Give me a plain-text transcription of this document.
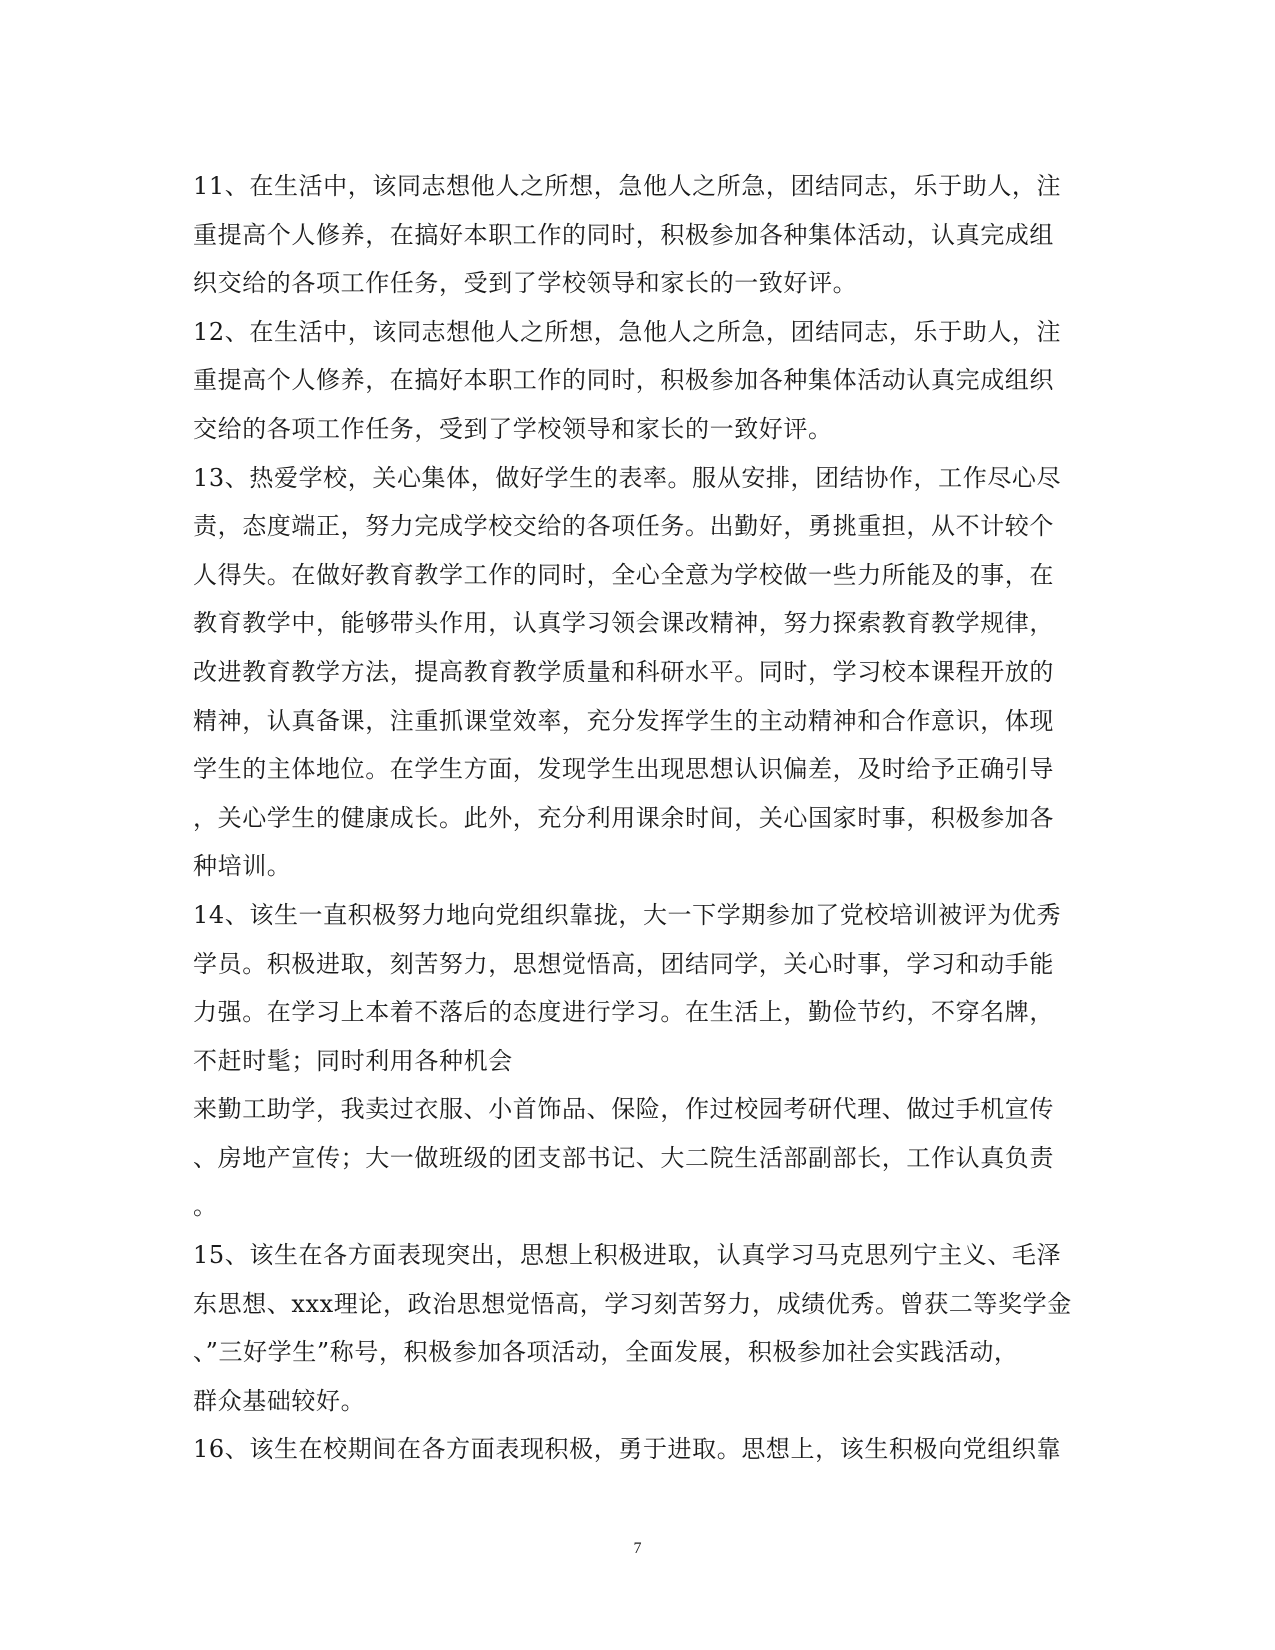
11、在生活中，该同志想他人之所想，急他人之所急，团结同志，乐于助人，注
重提高个人修养，在搞好本职工作的同时，积极参加各种集体活动，认真完成组
织交给的各项工作任务，受到了学校领导和家长的一致好评。
12、在生活中，该同志想他人之所想，急他人之所急，团结同志，乐于助人，注
重提高个人修养，在搞好本职工作的同时，积极参加各种集体活动认真完成组织
交给的各项工作任务，受到了学校领导和家长的一致好评。
13、热爱学校，关心集体，做好学生的表率。服从安排，团结协作，工作尽心尽
责，态度端正，努力完成学校交给的各项任务。出勤好，勇挑重担，从不计较个
人得失。在做好教育教学工作的同时，全心全意为学校做一些力所能及的事，在
教育教学中，能够带头作用，认真学习领会课改精神，努力探索教育教学规律，
改进教育教学方法，提高教育教学质量和科研水平。同时，学习校本课程开放的
精神，认真备课，注重抓课堂效率，充分发挥学生的主动精神和合作意识，体现
学生的主体地位。在学生方面，发现学生出现思想认识偏差，及时给予正确引导
，关心学生的健康成长。此外，充分利用课余时间，关心国家时事，积极参加各
种培训。
14、该生一直积极努力地向党组织靠拢，大一下学期参加了党校培训被评为优秀
学员。积极进取，刻苦努力，思想觉悟高，团结同学，关心时事，学习和动手能
力强。在学习上本着不落后的态度进行学习。在生活上，勤俭节约，不穿名牌，
不赶时髦；同时利用各种机会
来勤工助学，我卖过衣服、小首饰品、保险，作过校园考研代理、做过手机宣传
、房地产宣传；大一做班级的团支部书记、大二院生活部副部长，工作认真负责
。
15、该生在各方面表现突出，思想上积极进取，认真学习马克思列宁主义、毛泽
东思想、xxx理论，政治思想觉悟高，学习刻苦努力，成绩优秀。曾获二等奖学金
、”三好学生”称号，积极参加各项活动，全面发展，积极参加社会实践活动，
群众基础较好。
16、该生在校期间在各方面表现积极，勇于进取。思想上，该生积极向党组织靠
7
